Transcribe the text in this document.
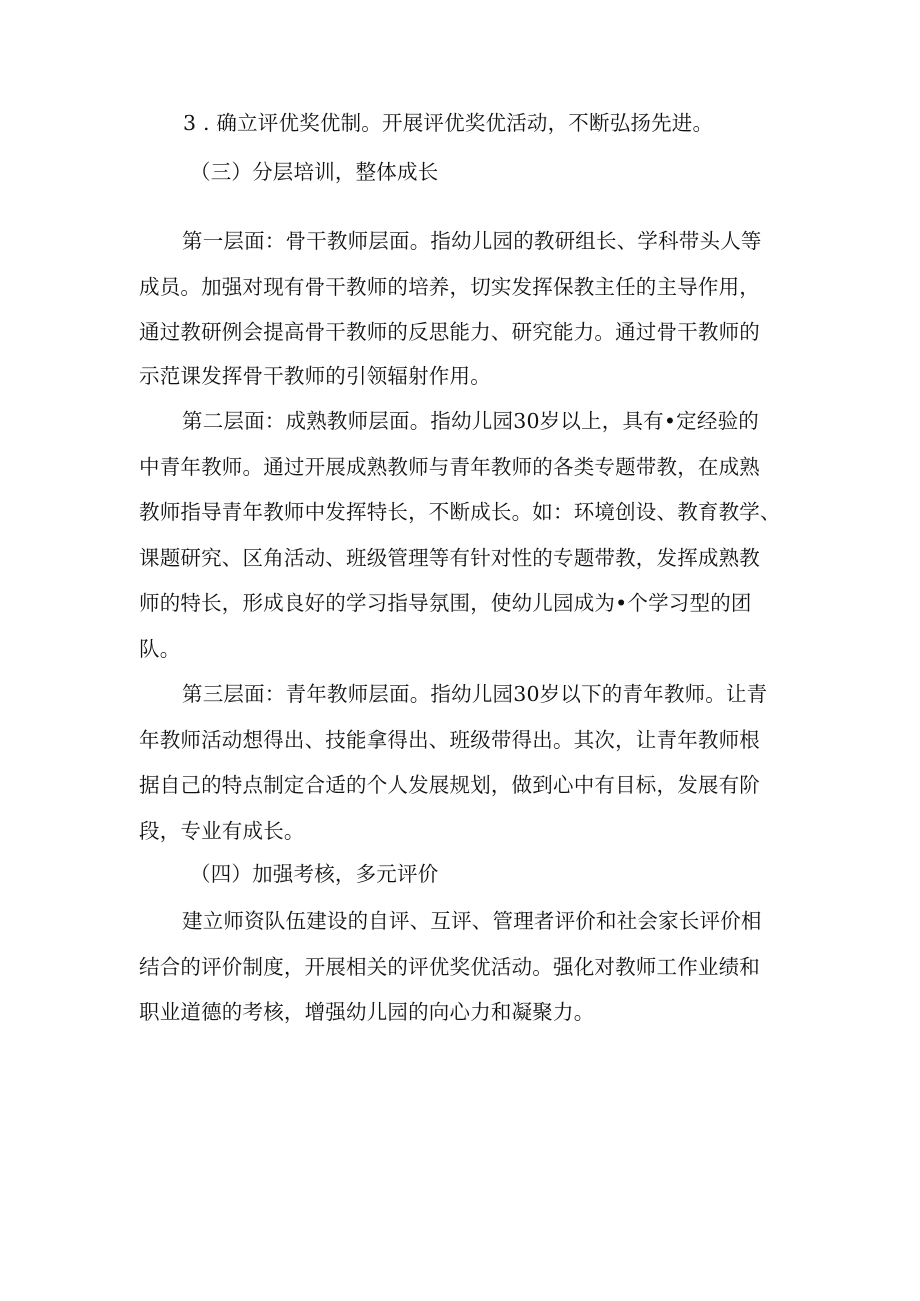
3 . 确立评优奖优制。开展评优奖优活动，不断弘扬先进。
（三）分层培训，整体成长
第一层面：骨干教师层面。指幼儿园的教研组长、学科带头人等
成员。加强对现有骨干教师的培养，切实发挥保教主任的主导作用，
通过教研例会提高骨干教师的反思能力、研究能力。通过骨干教师的
示范课发挥骨干教师的引领辐射作用。
第二层面：成熟教师层面。指幼儿园30岁以上，具有•定经验的
中青年教师。通过开展成熟教师与青年教师的各类专题带教，在成熟
教师指导青年教师中发挥特长，不断成长。如：环境创设、教育教学、
课题研究、区角活动、班级管理等有针对性的专题带教，发挥成熟教
师的特长，形成良好的学习指导氛围，使幼儿园成为•个学习型的团
队。
第三层面：青年教师层面。指幼儿园30岁以下的青年教师。让青
年教师活动想得出、技能拿得出、班级带得出。其次，让青年教师根
据自己的特点制定合适的个人发展规划，做到心中有目标，发展有阶
段，专业有成长。
（四）加强考核，多元评价
建立师资队伍建设的自评、互评、管理者评价和社会家长评价相
结合的评价制度，开展相关的评优奖优活动。强化对教师工作业绩和
职业道德的考核，增强幼儿园的向心力和凝聚力。
